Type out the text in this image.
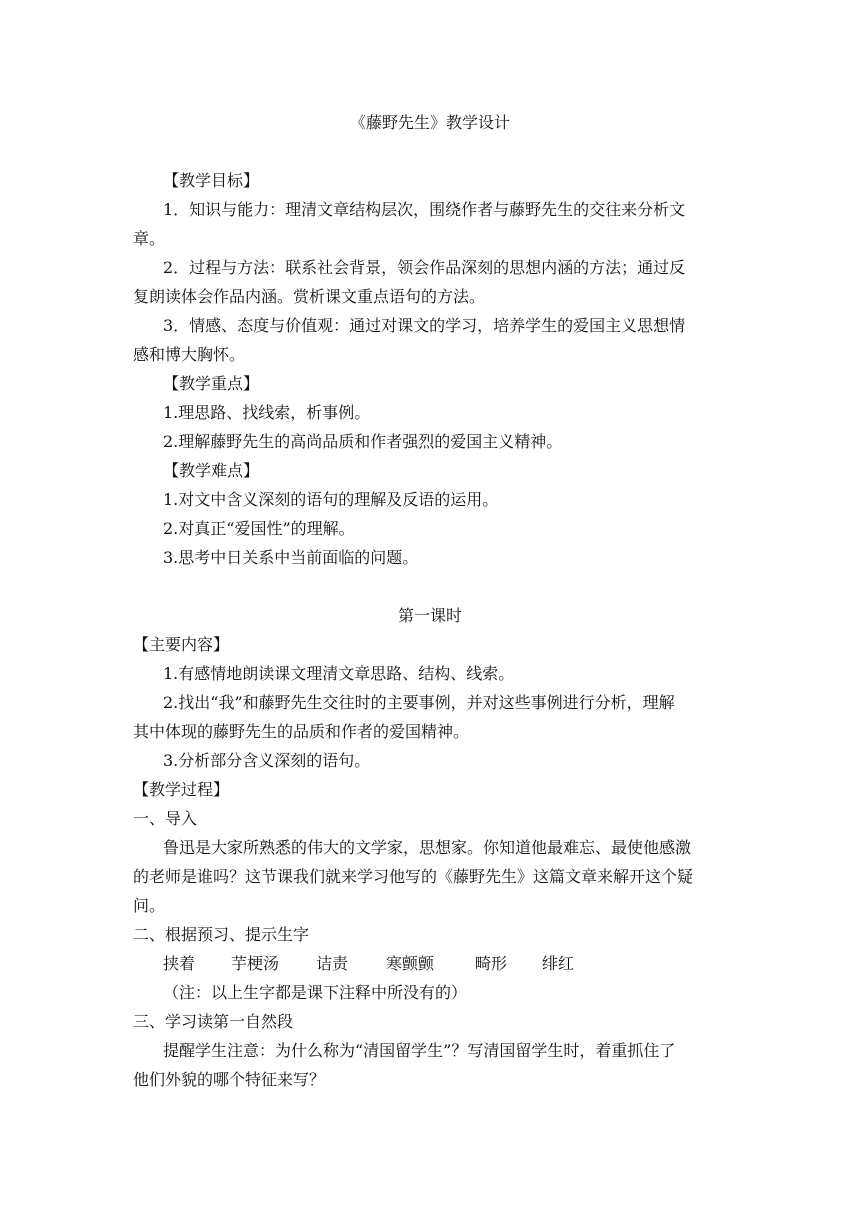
《藤野先生》教学设计
【教学目标】
1．知识与能力：理清文章结构层次，围绕作者与藤野先生的交往来分析文
章。
2．过程与方法：联系社会背景，领会作品深刻的思想内涵的方法；通过反
复朗读体会作品内涵。赏析课文重点语句的方法。
3．情感、态度与价值观：通过对课文的学习，培养学生的爱国主义思想情
感和博大胸怀。
【教学重点】
1.理思路、找线索，析事例。
2.理解藤野先生的高尚品质和作者强烈的爱国主义精神。
【教学难点】
1.对文中含义深刻的语句的理解及反语的运用。
2.对真正“爱国性”的理解。
3.思考中日关系中当前面临的问题。
第一课时
【主要内容】
1.有感情地朗读课文理清文章思路、结构、线索。
2.找出“我”和藤野先生交往时的主要事例，并对这些事例进行分析，理解
其中体现的藤野先生的品质和作者的爱国精神。
3.分析部分含义深刻的语句。
【教学过程】
一、导入
鲁迅是大家所熟悉的伟大的文学家，思想家。你知道他最难忘、最使他感激
的老师是谁吗？这节课我们就来学习他写的《藤野先生》这篇文章来解开这个疑
问。
二、根据预习、提示生字
挟着 芋梗汤 诘责 寒颤颤	畸形 绯红
（注：以上生字都是课下注释中所没有的）
三、学习读第一自然段
提醒学生注意：为什么称为“清国留学生”？写清国留学生时，着重抓住了
他们外貌的哪个特征来写？
